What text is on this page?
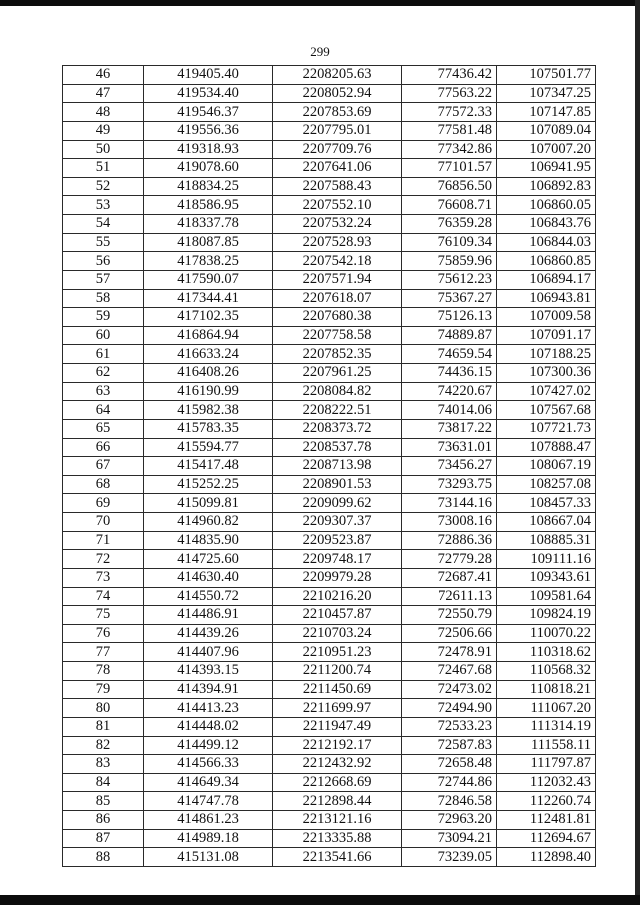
299
46	419405.40	2208205.63	77436.42	107501.77
47	419534.40	2208052.94	77563.22	107347.25
48	419546.37	2207853.69	77572.33	107147.85
49	419556.36	2207795.01	77581.48	107089.04
50	419318.93	2207709.76	77342.86	107007.20
51	419078.60	2207641.06	77101.57	106941.95
52	418834.25	2207588.43	76856.50	106892.83
53	418586.95	2207552.10	76608.71	106860.05
54	418337.78	2207532.24	76359.28	106843.76
55	418087.85	2207528.93	76109.34	106844.03
56	417838.25	2207542.18	75859.96	106860.85
57	417590.07	2207571.94	75612.23	106894.17
58	417344.41	2207618.07	75367.27	106943.81
59	417102.35	2207680.38	75126.13	107009.58
60	416864.94	2207758.58	74889.87	107091.17
61	416633.24	2207852.35	74659.54	107188.25
62	416408.26	2207961.25	74436.15	107300.36
63	416190.99	2208084.82	74220.67	107427.02
64	415982.38	2208222.51	74014.06	107567.68
65	415783.35	2208373.72	73817.22	107721.73
66	415594.77	2208537.78	73631.01	107888.47
67	415417.48	2208713.98	73456.27	108067.19
68	415252.25	2208901.53	73293.75	108257.08
69	415099.81	2209099.62	73144.16	108457.33
70	414960.82	2209307.37	73008.16	108667.04
71	414835.90	2209523.87	72886.36	108885.31
72	414725.60	2209748.17	72779.28	109111.16
73	414630.40	2209979.28	72687.41	109343.61
74	414550.72	2210216.20	72611.13	109581.64
75	414486.91	2210457.87	72550.79	109824.19
76	414439.26	2210703.24	72506.66	110070.22
77	414407.96	2210951.23	72478.91	110318.62
78	414393.15	2211200.74	72467.68	110568.32
79	414394.91	2211450.69	72473.02	110818.21
80	414413.23	2211699.97	72494.90	111067.20
81	414448.02	2211947.49	72533.23	111314.19
82	414499.12	2212192.17	72587.83	111558.11
83	414566.33	2212432.92	72658.48	111797.87
84	414649.34	2212668.69	72744.86	112032.43
85	414747.78	2212898.44	72846.58	112260.74
86	414861.23	2213121.16	72963.20	112481.81
87	414989.18	2213335.88	73094.21	112694.67
88	415131.08	2213541.66	73239.05	112898.40
